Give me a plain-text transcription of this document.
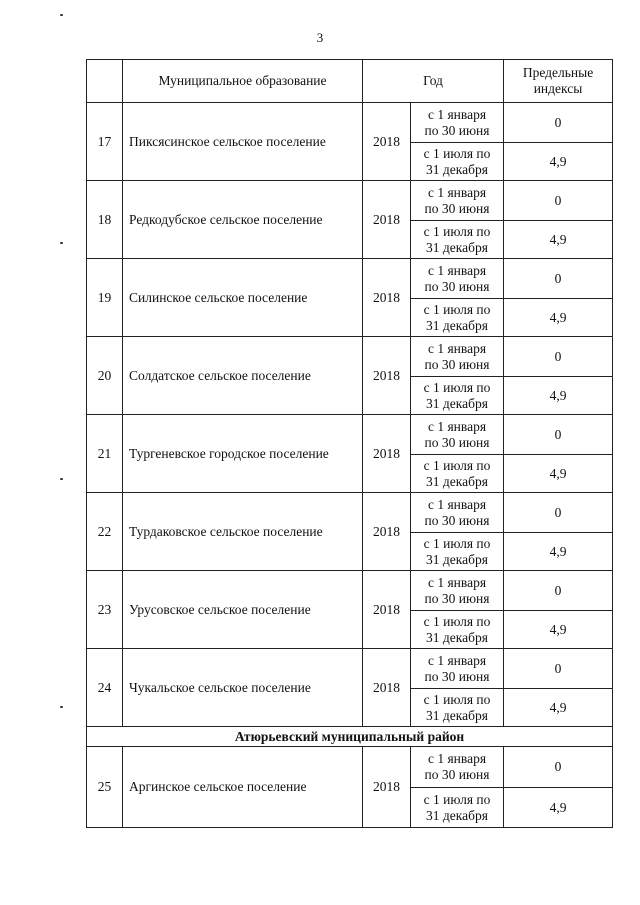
3
	Муниципальное образование	Год		Предельные
индексы
17	Пиксясинское сельское поселение	2018	с 1 января
по 30 июня	0
			с 1 июля по
31 декабря	4,9
18	Редкодубское сельское поселение	2018	с 1 января
по 30 июня	0
			с 1 июля по
31 декабря	4,9
19	Силинское сельское поселение	2018	с 1 января
по 30 июня	0
			с 1 июля по
31 декабря	4,9
20	Солдатское сельское поселение	2018	с 1 января
по 30 июня	0
			с 1 июля по
31 декабря	4,9
21	Тургеневское городское поселение	2018	с 1 января
по 30 июня	0
			с 1 июля по
31 декабря	4,9
22	Турдаковское сельское поселение	2018	с 1 января
по 30 июня	0
			с 1 июля по
31 декабря	4,9
23	Урусовское сельское поселение	2018	с 1 января
по 30 июня	0
			с 1 июля по
31 декабря	4,9
24	Чукальское сельское поселение	2018	с 1 января
по 30 июня	0
			с 1 июля по
31 декабря	4,9
Атюрьевский муниципальный район				
25	Аргинское сельское поселение	2018	с 1 января
по 30 июня	0
			с 1 июля по
31 декабря	4,9
